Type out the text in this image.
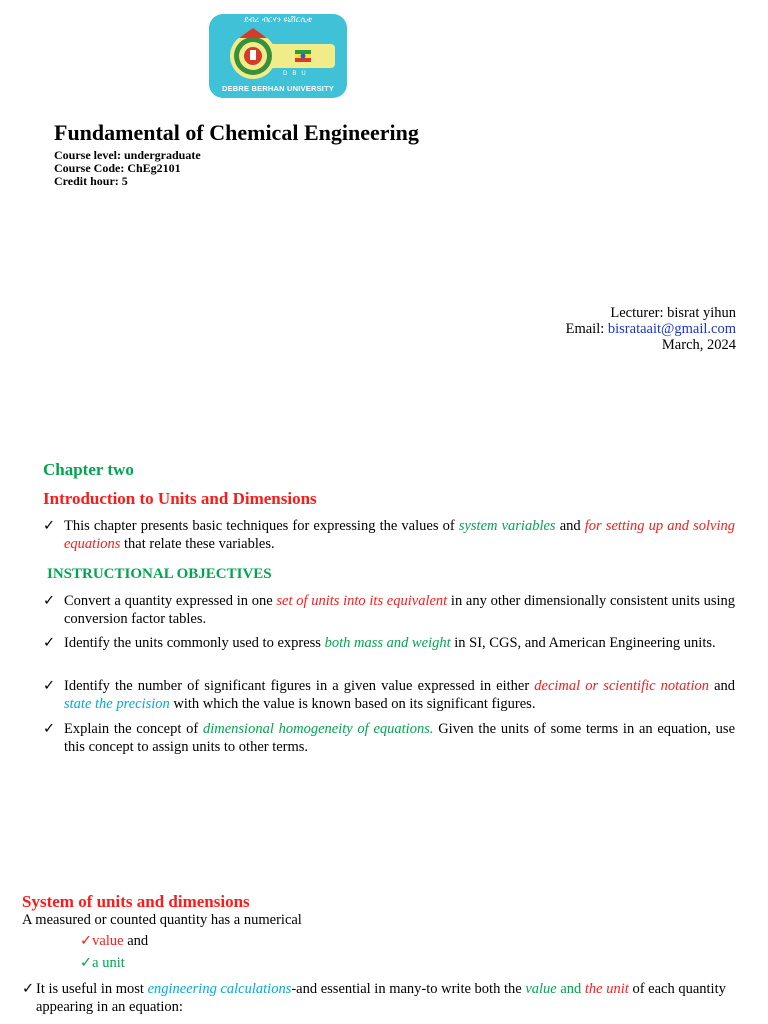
ደብረ ብርሃን ዩኒቨርሲቲ
DBU
DEBRE BERHAN UNIVERSITY
Fundamental of Chemical Engineering
Course level: undergraduate
Course Code: ChEg2101
Credit hour: 5
Lecturer: bisrat yihun
Email: bisrataait@gmail.com
March, 2024
Chapter two
Introduction to Units and Dimensions
✓ This chapter presents basic techniques for expressing the values of system variables and for setting up and solving equations that relate these variables.
INSTRUCTIONAL OBJECTIVES
✓ Convert a quantity expressed in one set of units into its equivalent in any other dimensionally consistent units using conversion factor tables.
✓ Identify the units commonly used to express both mass and weight in SI, CGS, and American Engineering units.
✓ Identify the number of significant figures in a given value expressed in either decimal or scientific notation and state the precision with which the value is known based on its significant figures.
✓ Explain the concept of dimensional homogeneity of equations. Given the units of some terms in an equation, use this concept to assign units to other terms.
System of units and dimensions
A measured or counted quantity has a numerical
✓value and
✓a unit
✓ It is useful in most engineering calculations-and essential in many-to write both the value and the unit of each quantity appearing in an equation:
